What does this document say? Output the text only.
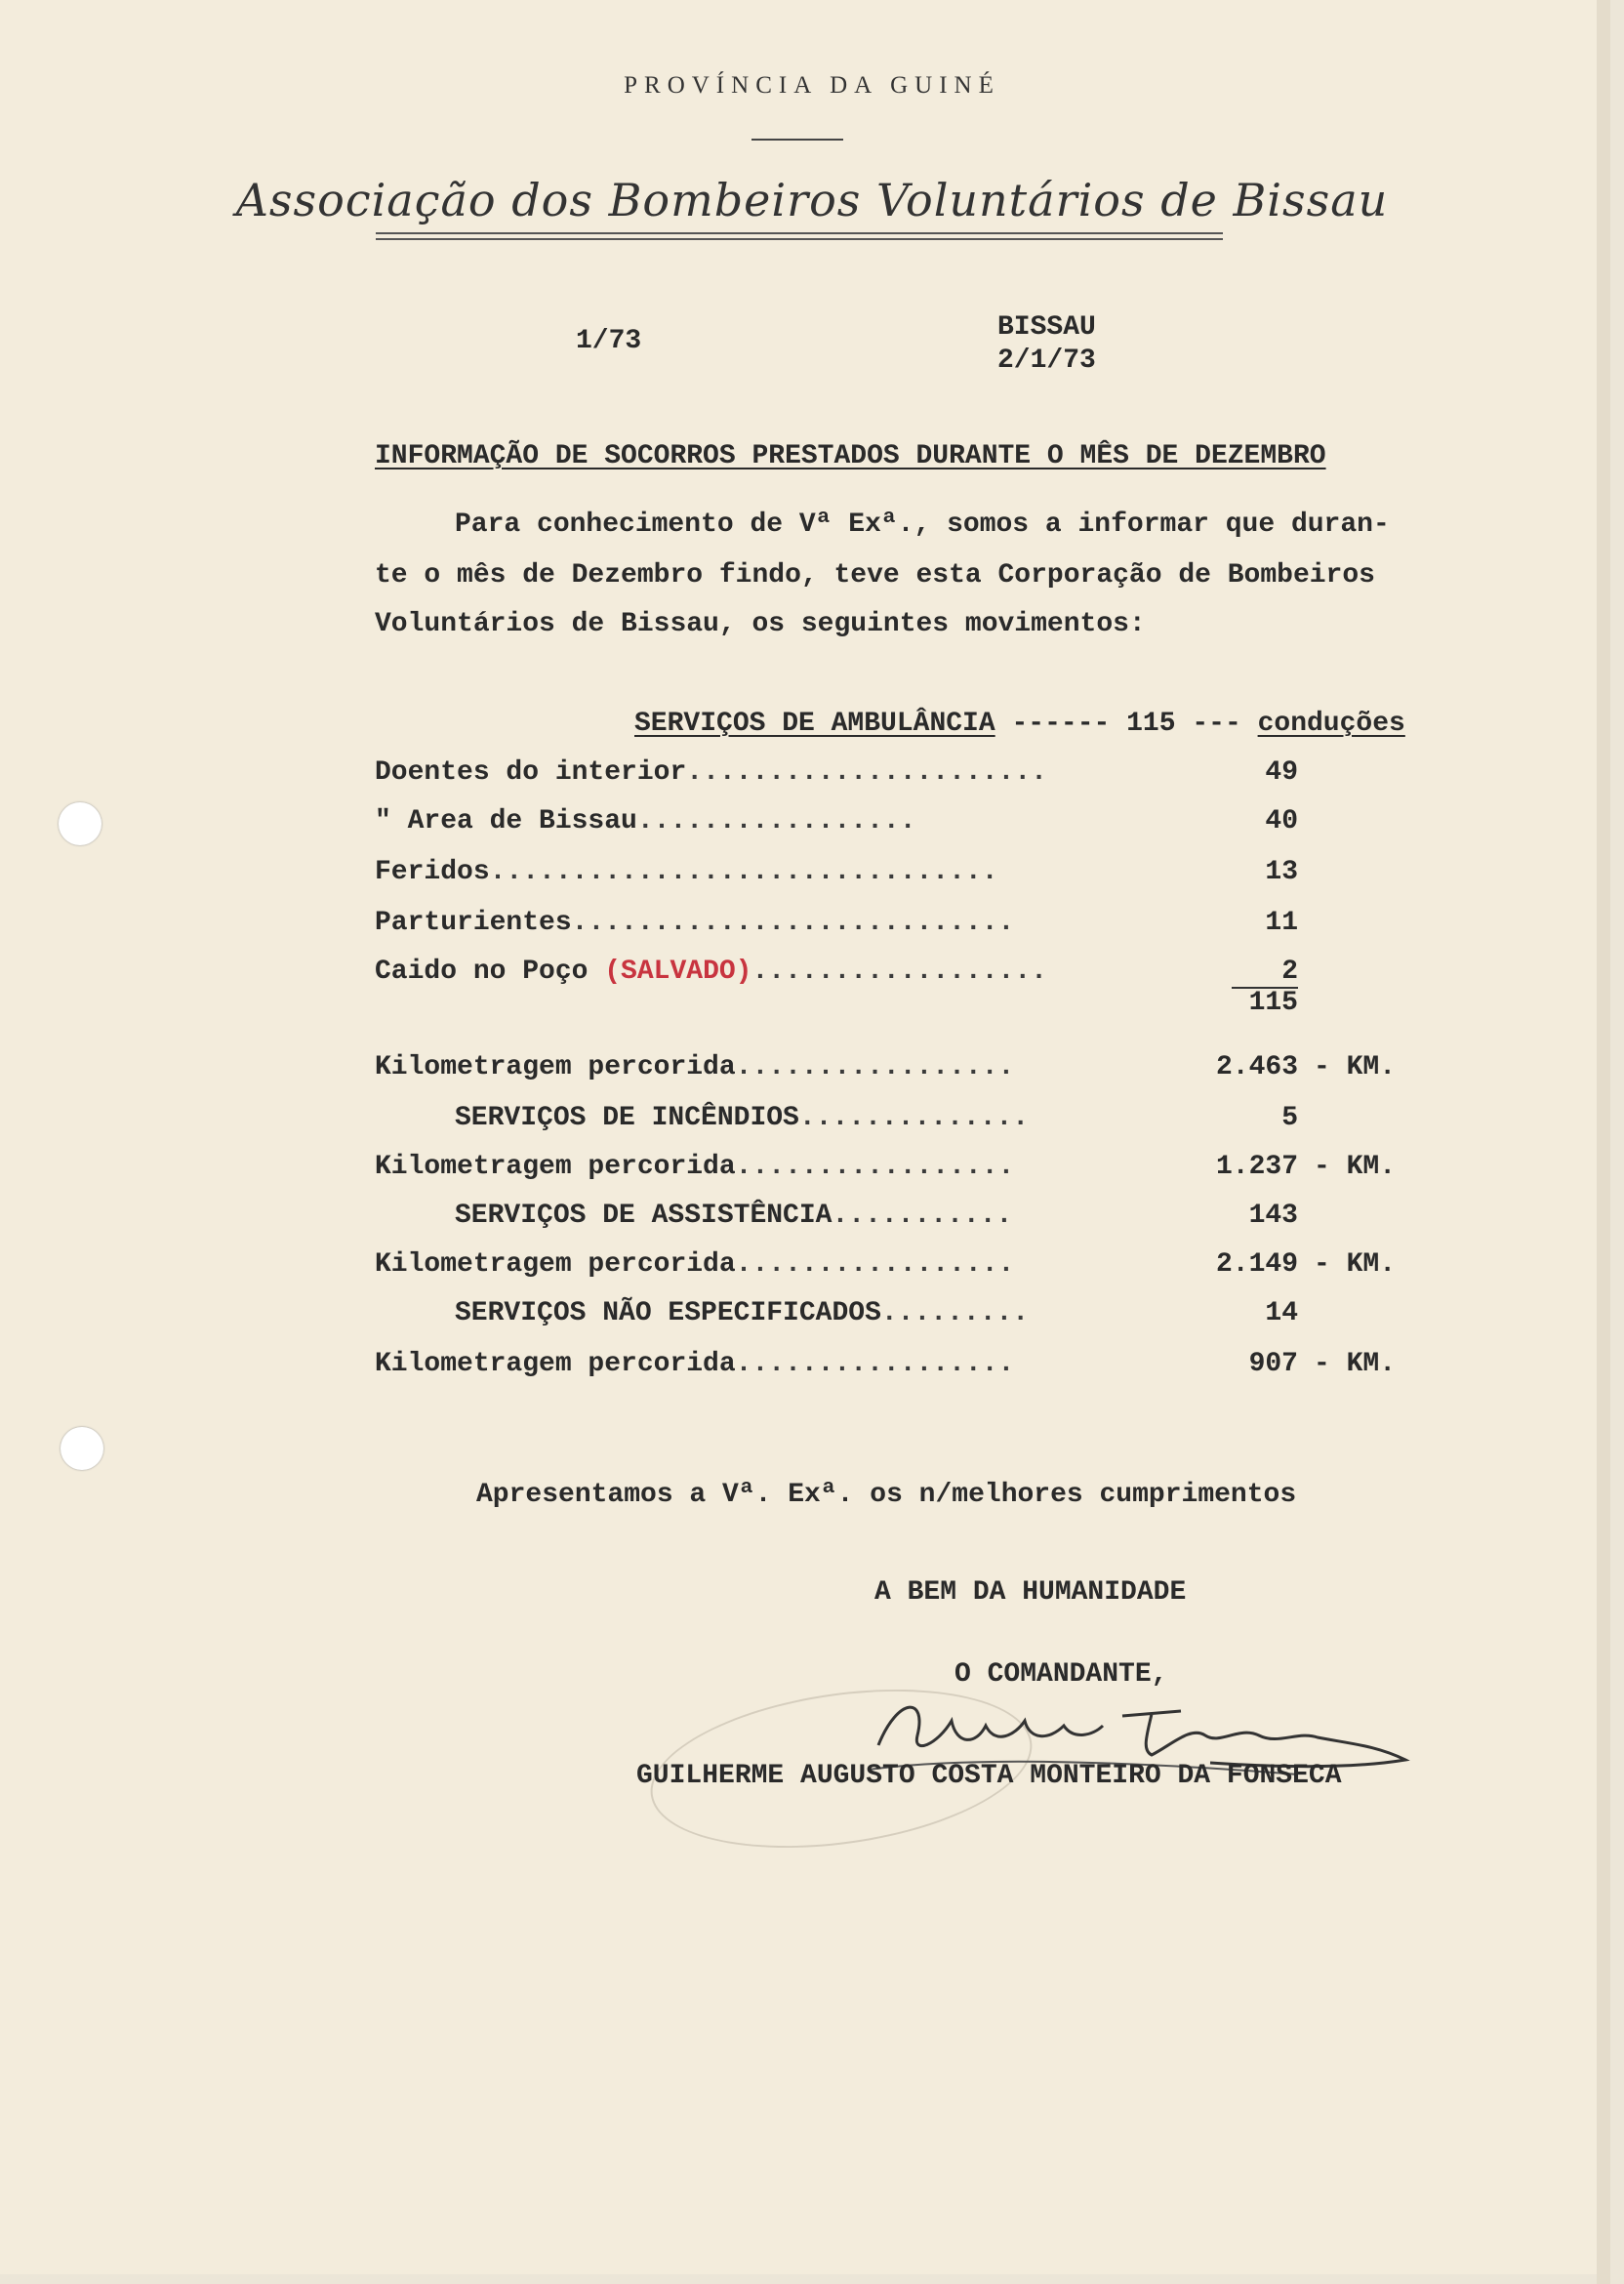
PROVÍNCIA DA GUINÉ
Associação dos Bombeiros Voluntários de Bissau
1/73	BISSAU
2/1/73
INFORMAÇÃO DE SOCORROS PRESTADOS DURANTE O MÊS DE DEZEMBRO
Para conhecimento de Vª Exª., somos a informar que duran-
te o mês de Dezembro findo, teve esta Corporação de Bombeiros
Voluntários de Bissau, os seguintes movimentos:
SERVIÇOS DE AMBULÂNCIA ------ 115 --- conduções
Doentes do interior......................	49
" Area de Bissau.................	40
Feridos...............................	13
Parturientes...........................	11
Caido no Poço (SALVADO)..................	2
115
Kilometragem percorida.................	2.463 - KM.
SERVIÇOS DE INCÊNDIOS..............	5
Kilometragem percorida.................	1.237 - KM.
SERVIÇOS DE ASSISTÊNCIA...........	143
Kilometragem percorida.................	2.149 - KM.
SERVIÇOS NÃO ESPECIFICADOS.........	14
Kilometragem percorida.................	907 - KM.
Apresentamos a Vª. Exª. os n/melhores cumprimentos
A BEM DA HUMANIDADE
O COMANDANTE,
GUILHERME AUGUSTO COSTA MONTEIRO DA FONSECA
